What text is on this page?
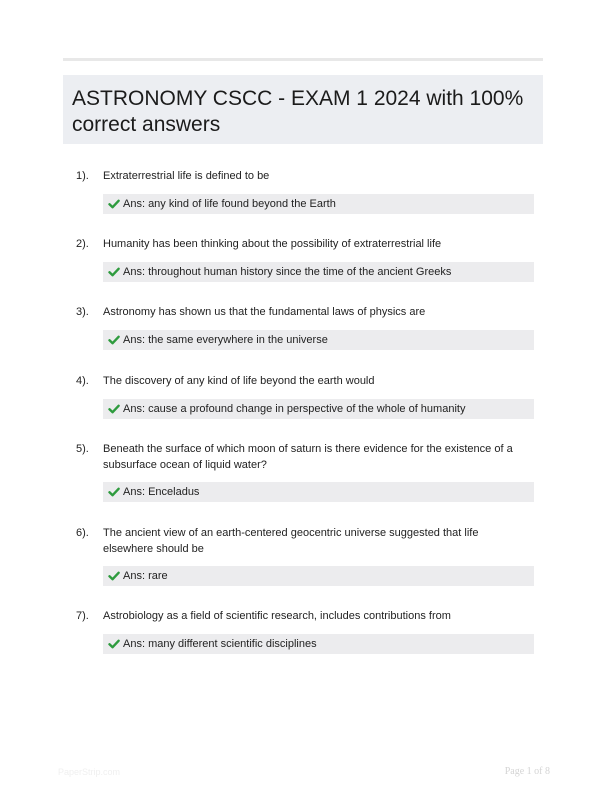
ASTRONOMY CSCC - EXAM 1 2024 with 100%
correct answers
1). Extraterrestrial life is defined to be
Ans: any kind of life found beyond the Earth
2). Humanity has been thinking about the possibility of extraterrestrial life
Ans: throughout human history since the time of the ancient Greeks
3). Astronomy has shown us that the fundamental laws of physics are
Ans: the same everywhere in the universe
4). The discovery of any kind of life beyond the earth would
Ans: cause a profound change in perspective of the whole of humanity
5). Beneath the surface of which moon of saturn is there evidence for the existence of a subsurface ocean of liquid water?
Ans: Enceladus
6). The ancient view of an earth-centered geocentric universe suggested that life elsewhere should be
Ans: rare
7). Astrobiology as a field of scientific research, includes contributions from
Ans: many different scientific disciplines
PaperStrip.com	Page 1 of 8
